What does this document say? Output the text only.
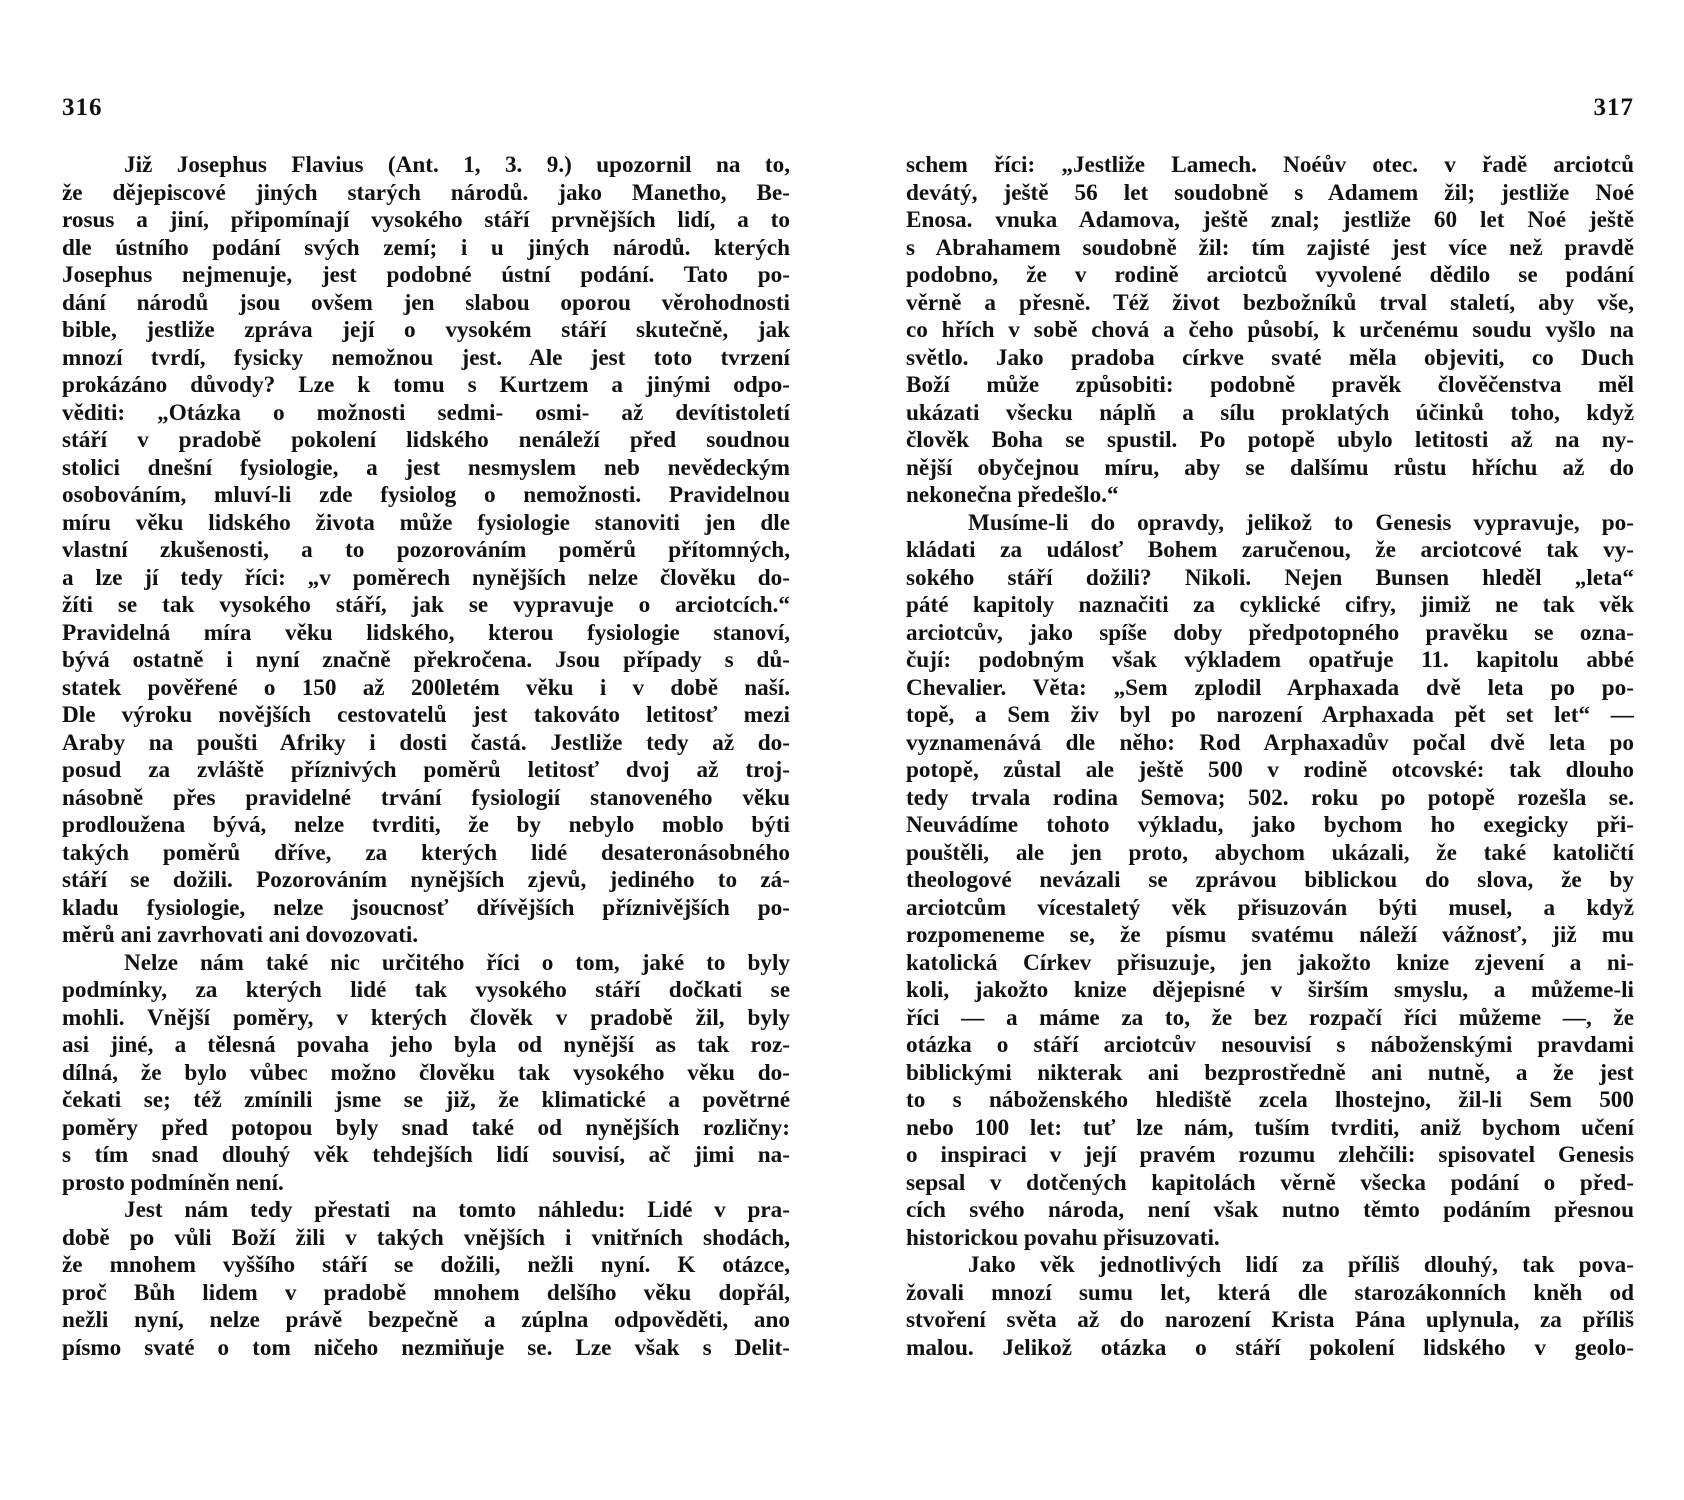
316
Již Josephus Flavius (Ant. 1, 3. 9.) upozornil na to,
že dějepiscové jiných starých národů. jako Manetho, Be-
rosus a jiní, připomínají vysokého stáří prvnějších lidí, a to
dle ústního podání svých zemí; i u jiných národů. kterých
Josephus nejmenuje, jest podobné ústní podání. Tato po-
dání národů jsou ovšem jen slabou oporou věrohodnosti
bible, jestliže zpráva její o vysokém stáří skutečně, jak
mnozí tvrdí, fysicky nemožnou jest. Ale jest toto tvrzení
prokázáno důvody? Lze k tomu s Kurtzem a jinými odpo-
věditi: „Otázka o možnosti sedmi- osmi- až devítistoletí
stáří v pradobě pokolení lidského nenáleží před soudnou
stolici dnešní fysiologie, a jest nesmyslem neb nevědeckým
osobováním, mluví-li zde fysiolog o nemožnosti. Pravidelnou
míru věku lidského života může fysiologie stanoviti jen dle
vlastní zkušenosti, a to pozorováním poměrů přítomných,
a lze jí tedy říci: „v poměrech nynějších nelze člověku do-
žíti se tak vysokého stáří, jak se vypravuje o arciotcích.“
Pravidelná míra věku lidského, kterou fysiologie stanoví,
bývá ostatně i nyní značně překročena. Jsou případy s dů-
statek pověřené o 150 až 200letém věku i v době naší.
Dle výroku novějších cestovatelů jest takováto letitosť mezi
Araby na poušti Afriky i dosti častá. Jestliže tedy až do-
posud za zvláště příznivých poměrů letitosť dvoj až troj-
násobně přes pravidelné trvání fysiologií stanoveného věku
prodloužena bývá, nelze tvrditi, že by nebylo moblo býti
takých poměrů dříve, za kterých lidé desateronásobného
stáří se dožili. Pozorováním nynějších zjevů, jediného to zá-
kladu fysiologie, nelze jsoucnosť dřívějších příznivějších po-
měrů ani zavrhovati ani dovozovati.
Nelze nám také nic určitého říci o tom, jaké to byly
podmínky, za kterých lidé tak vysokého stáří dočkati se
mohli. Vnější poměry, v kterých člověk v pradobě žil, byly
asi jiné, a tělesná povaha jeho byla od nynější as tak roz-
dílná, že bylo vůbec možno člověku tak vysokého věku do-
čekati se; též zmínili jsme se již, že klimatické a povětrné
poměry před potopou byly snad také od nynějších rozličny:
s tím snad dlouhý věk tehdejších lidí souvisí, ač jimi na-
prosto podmíněn není.
Jest nám tedy přestati na tomto náhledu: Lidé v pra-
době po vůli Boží žili v takých vnějších i vnitřních shodách,
že mnohem vyššího stáří se dožili, nežli nyní. K otázce,
proč Bůh lidem v pradobě mnohem delšího věku dopřál,
nežli nyní, nelze právě bezpečně a zúplna odpověděti, ano
písmo svaté o tom ničeho nezmiňuje se. Lze však s Delit-
317
schem říci: „Jestliže Lamech. Noéův otec. v řadě arciotců
devátý, ještě 56 let soudobně s Adamem žil; jestliže Noé
Enosa. vnuka Adamova, ještě znal; jestliže 60 let Noé ještě
s Abrahamem soudobně žil: tím zajisté jest více než pravdě
podobno, že v rodině arciotců vyvolené dědilo se podání
věrně a přesně. Též život bezbožníků trval staletí, aby vše,
co hřích v sobě chová a čeho působí, k určenému soudu vyšlo na
světlo. Jako pradoba církve svaté měla objeviti, co Duch
Boží může způsobiti: podobně pravěk člověčenstva měl
ukázati všecku náplň a sílu proklatých účinků toho, když
člověk Boha se spustil. Po potopě ubylo letitosti až na ny-
nější obyčejnou míru, aby se dalšímu růstu hříchu až do
nekonečna předešlo.“
Musíme-li do opravdy, jelikož to Genesis vypravuje, po-
kládati za událosť Bohem zaručenou, že arciotcové tak vy-
sokého stáří dožili? Nikoli. Nejen Bunsen hleděl „leta“
páté kapitoly naznačiti za cyklické cifry, jimiž ne tak věk
arciotcův, jako spíše doby předpotopného pravěku se ozna-
čují: podobným však výkladem opatřuje 11. kapitolu abbé
Chevalier. Věta: „Sem zplodil Arphaxada dvě leta po po-
topě, a Sem živ byl po narození Arphaxada pět set let“ —
vyznamenává dle něho: Rod Arphaxadův počal dvě leta po
potopě, zůstal ale ještě 500 v rodině otcovské: tak dlouho
tedy trvala rodina Semova; 502. roku po potopě rozešla se.
Neuvádíme tohoto výkladu, jako bychom ho exegicky při-
pouštěli, ale jen proto, abychom ukázali, že také katoličtí
theologové nevázali se zprávou biblickou do slova, že by
arciotcům vícestaletý věk přisuzován býti musel, a když
rozpomeneme se, že písmu svatému náleží vážnosť, již mu
katolická Církev přisuzuje, jen jakožto knize zjevení a ni-
koli, jakožto knize dějepisné v širším smyslu, a můžeme-li
říci — a máme za to, že bez rozpačí říci můžeme —, že
otázka o stáří arciotcův nesouvisí s náboženskými pravdami
biblickými nikterak ani bezprostředně ani nutně, a že jest
to s náboženského hlediště zcela lhostejno, žil-li Sem 500
nebo 100 let: tuť lze nám, tuším tvrditi, aniž bychom učení
o inspiraci v její pravém rozumu zlehčili: spisovatel Genesis
sepsal v dotčených kapitolách věrně všecka podání o před-
cích svého národa, není však nutno těmto podáním přesnou
historickou povahu přisuzovati.
Jako věk jednotlivých lidí za příliš dlouhý, tak pova-
žovali mnozí sumu let, která dle starozákonních kněh od
stvoření světa až do narození Krista Pána uplynula, za příliš
malou. Jelikož otázka o stáří pokolení lidského v geolo-
